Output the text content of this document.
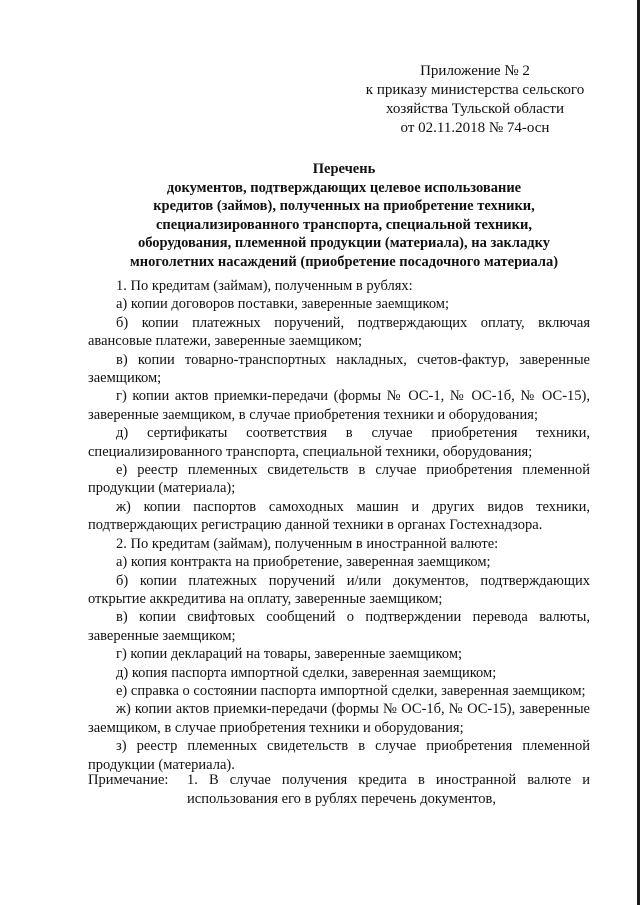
Приложение № 2
к приказу министерства сельского
хозяйства Тульской области
от 02.11.2018 № 74-осн
Перечень
документов, подтверждающих целевое использование
кредитов (займов), полученных на приобретение техники,
специализированного транспорта, специальной техники,
оборудования, племенной продукции (материала), на закладку
многолетних насаждений (приобретение посадочного материала)

1. По кредитам (займам), полученным в рублях:

а) копии договоров поставки, заверенные заемщиком;

б) копии платежных поручений, подтверждающих оплату, включая авансовые платежи, заверенные заемщиком;

в) копии товарно-транспортных накладных, счетов-фактур, заверенные заемщиком;

г) копии актов приемки-передачи (формы № ОС-1, № ОС-1б, № ОС-15), заверенные заемщиком, в случае приобретения техники и оборудования;

д) сертификаты соответствия в случае приобретения техники, специализированного транспорта, специальной техники, оборудования;

е) реестр племенных свидетельств в случае приобретения племенной продукции (материала);

ж) копии паспортов самоходных машин и других видов техники, подтверждающих регистрацию данной техники в органах Гостехнадзора.

2. По кредитам (займам), полученным в иностранной валюте:

а) копия контракта на приобретение, заверенная заемщиком;

б) копии платежных поручений и/или документов, подтверждающих открытие аккредитива на оплату, заверенные заемщиком;

в) копии свифтовых сообщений о подтверждении перевода валюты, заверенные заемщиком;

г) копии деклараций на товары, заверенные заемщиком;

д) копия паспорта импортной сделки, заверенная заемщиком;

е) справка о состоянии паспорта импортной сделки, заверенная заемщиком;

ж) копии актов приемки-передачи (формы № ОС-1б, № ОС-15), заверенные заемщиком, в случае приобретения техники и оборудования;

з) реестр племенных свидетельств в случае приобретения племенной продукции (материала).

Примечание: 1. В случае получения кредита в иностранной валюте и использования его в рублях перечень документов,
